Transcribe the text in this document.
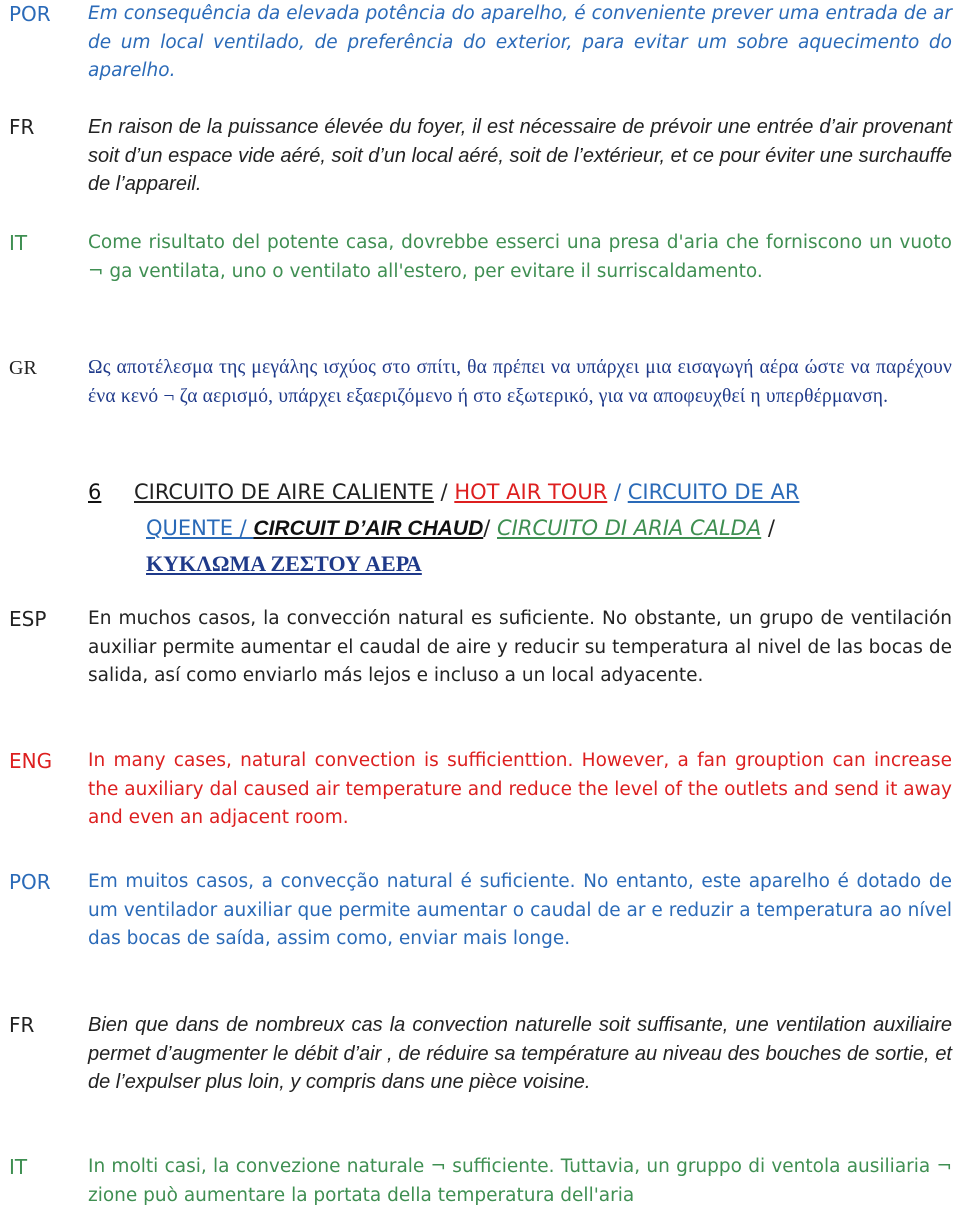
POR Em consequência da elevada potência do aparelho, é conveniente prever uma entrada de ar de um local ventilado, de preferência do exterior, para evitar um sobre aquecimento do aparelho.

FR	En raison de la puissance élevée du foyer, il est nécessaire de prévoir une entrée d’air provenant soit d’un espace vide aéré, soit d’un local aéré, soit de l’extérieur, et ce pour éviter une surchauffe de l’appareil.

IT	Come risultato del potente casa, dovrebbe esserci una presa d'aria che forniscono un vuoto ¬ ga ventilata, uno o ventilato all'estero, per evitare il surriscaldamento.

GR	Ως αποτέλεσμα της μεγάλης ισχύος στο σπίτι, θα πρέπει να υπάρχει μια εισαγωγή αέρα ώστε να παρέχουν ένα κενό ¬ ζα αερισμό, υπάρχει εξαεριζόμενο ή στο εξωτερικό, για να αποφευχθεί η υπερθέρμανση.

6 CIRCUITO DE AIRE CALIENTE / HOT AIR TOUR / CIRCUITO DE AR
QUENTE / CIRCUIT D’AIR CHAUD/ CIRCUITO DI ARIA CALDA /
ΚΥΚΛΩΜΑ ΖΕΣΤΟΥ ΑΕΡΑ
ESP En muchos casos, la convección natural es suficiente. No obstante, un grupo de ventilación auxiliar permite aumentar el caudal de aire y reducir su temperatura al nivel de las bocas de salida, así como enviarlo más lejos e incluso a un local adyacente.

ENG In many cases, natural convection is sufficienttion. However, a fan grouption can increase the auxiliary dal caused air temperature and reduce the level of the outlets and send it away and even an adjacent room.

POR Em muitos casos, a convecção natural é suficiente. No entanto, este aparelho é dotado de um ventilador auxiliar que permite aumentar o caudal de ar e reduzir a temperatura ao nível das bocas de saída, assim como, enviar mais longe.

FR	Bien que dans de nombreux cas la convection naturelle soit suffisante, une ventilation auxiliaire permet d’augmenter le débit d’air , de réduire sa température au niveau des bouches de sortie, et de l’expulser plus loin, y compris dans une pièce voisine.

IT	In molti casi, la convezione naturale ¬ sufficiente. Tuttavia, un gruppo di ventola ausiliaria ¬ zione può aumentare la portata della temperatura dell'aria
